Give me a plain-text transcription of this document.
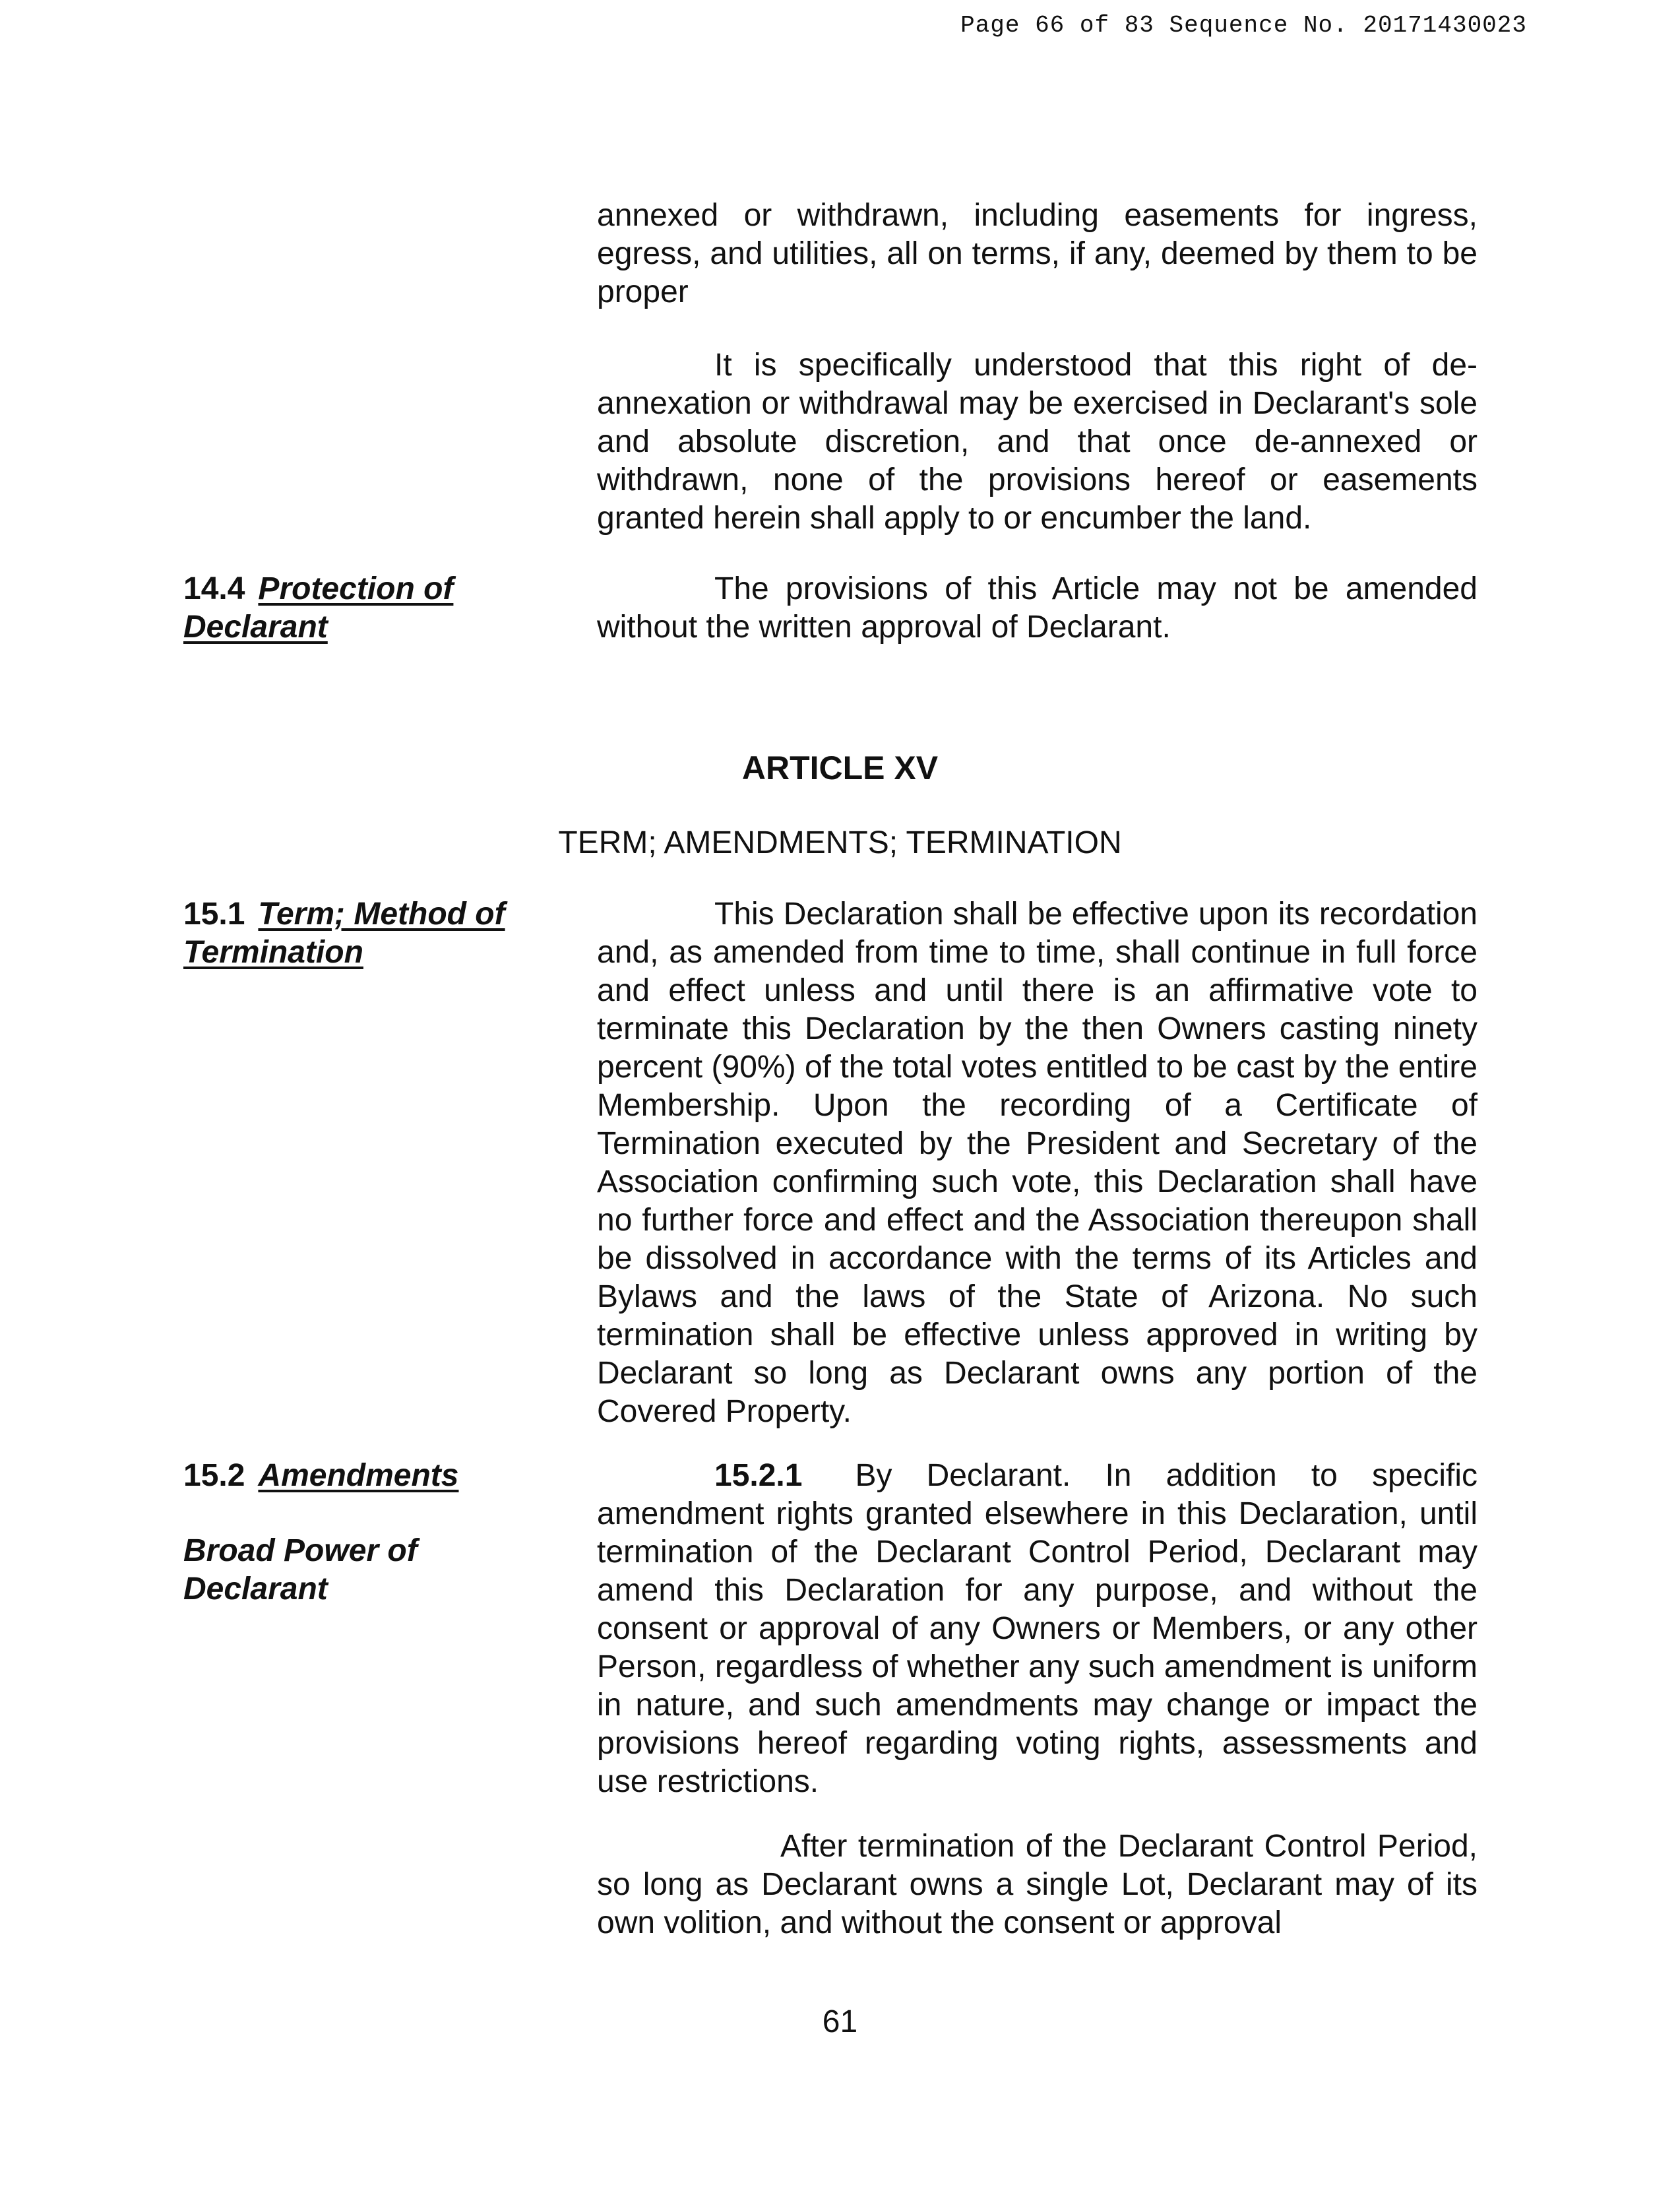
Page 66 of 83 Sequence No. 20171430023

annexed or withdrawn, including easements for ingress, egress, and utilities, all on terms, if any, deemed by them to be proper

It is specifically understood that this right of de-annexation or withdrawal may be exercised in Declarant's sole and absolute discretion, and that once de-annexed or withdrawn, none of the provisions hereof or easements granted herein shall apply to or encumber the land.

14.4 Protection of Declarant

The provisions of this Article may not be amended without the written approval of Declarant.

ARTICLE XV
TERM; AMENDMENTS; TERMINATION
15.1 Term; Method of Termination

This Declaration shall be effective upon its recordation and, as amended from time to time, shall continue in full force and effect unless and until there is an affirmative vote to terminate this Declaration by the then Owners casting ninety percent (90%) of the total votes entitled to be cast by the entire Membership. Upon the recording of a Certificate of Termination executed by the President and Secretary of the Association confirming such vote, this Declaration shall have no further force and effect and the Association thereupon shall be dissolved in accordance with the terms of its Articles and Bylaws and the laws of the State of Arizona. No such termination shall be effective unless approved in writing by Declarant so long as Declarant owns any portion of the Covered Property.

15.2 Amendments
Broad Power of Declarant

15.2.1 By Declarant. In addition to specific amendment rights granted elsewhere in this Declaration, until termination of the Declarant Control Period, Declarant may amend this Declaration for any purpose, and without the consent or approval of any Owners or Members, or any other Person, regardless of whether any such amendment is uniform in nature, and such amendments may change or impact the provisions hereof regarding voting rights, assessments and use restrictions.

After termination of the Declarant Control Period, so long as Declarant owns a single Lot, Declarant may of its own volition, and without the consent or approval

61
